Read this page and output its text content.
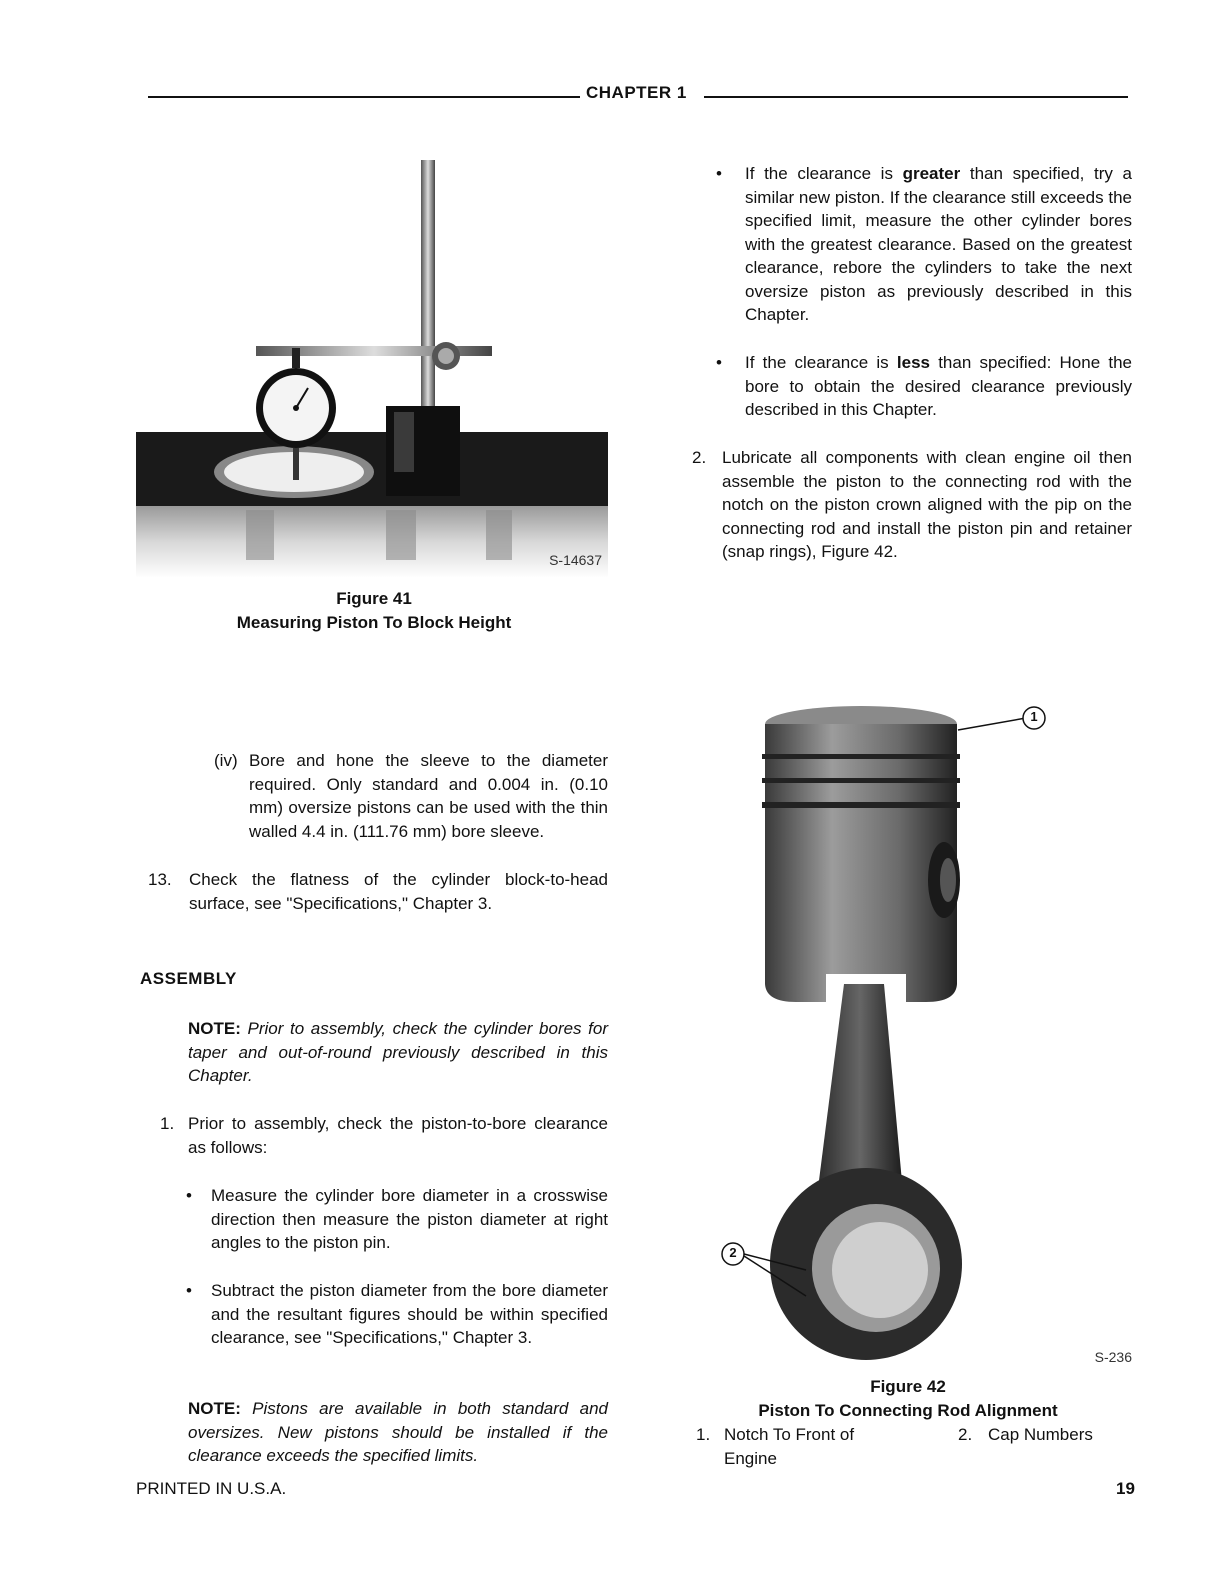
CHAPTER 1
S-14637
Figure 41
Measuring Piston To Block Height
• If the clearance is greater than specified, try a similar new piston. If the clearance still exceeds the specified limit, measure the other cylinder bores with the greatest clearance. Based on the greatest clearance, rebore the cylinders to take the next oversize piston as previously described in this Chapter.
• If the clearance is less than specified: Hone the bore to obtain the desired clearance previously described in this Chapter.
2. Lubricate all components with clean engine oil then assemble the piston to the connecting rod with the notch on the piston crown aligned with the pip on the connecting rod and install the piston pin and retainer (snap rings), Figure 42.
(iv) Bore and hone the sleeve to the diameter required. Only standard and 0.004 in. (0.10 mm) oversize pistons can be used with the thin walled 4.4 in. (111.76 mm) bore sleeve.
13. Check the flatness of the cylinder block-to-head surface, see "Specifications," Chapter 3.
ASSEMBLY
NOTE: Prior to assembly, check the cylinder bores for taper and out-of-round previously described in this Chapter.
1. Prior to assembly, check the piston-to-bore clearance as follows:
• Measure the cylinder bore diameter in a crosswise direction then measure the piston diameter at right angles to the piston pin.
• Subtract the piston diameter from the bore diameter and the resultant figures should be within specified clearance, see "Specifications," Chapter 3.
NOTE: Pistons are available in both standard and oversizes. New pistons should be installed if the clearance exceeds the specified limits.
1
2
S-236
Figure 42
Piston To Connecting Rod Alignment
1. Notch To Front of Engine
2. Cap Numbers
PRINTED IN U.S.A.	19
